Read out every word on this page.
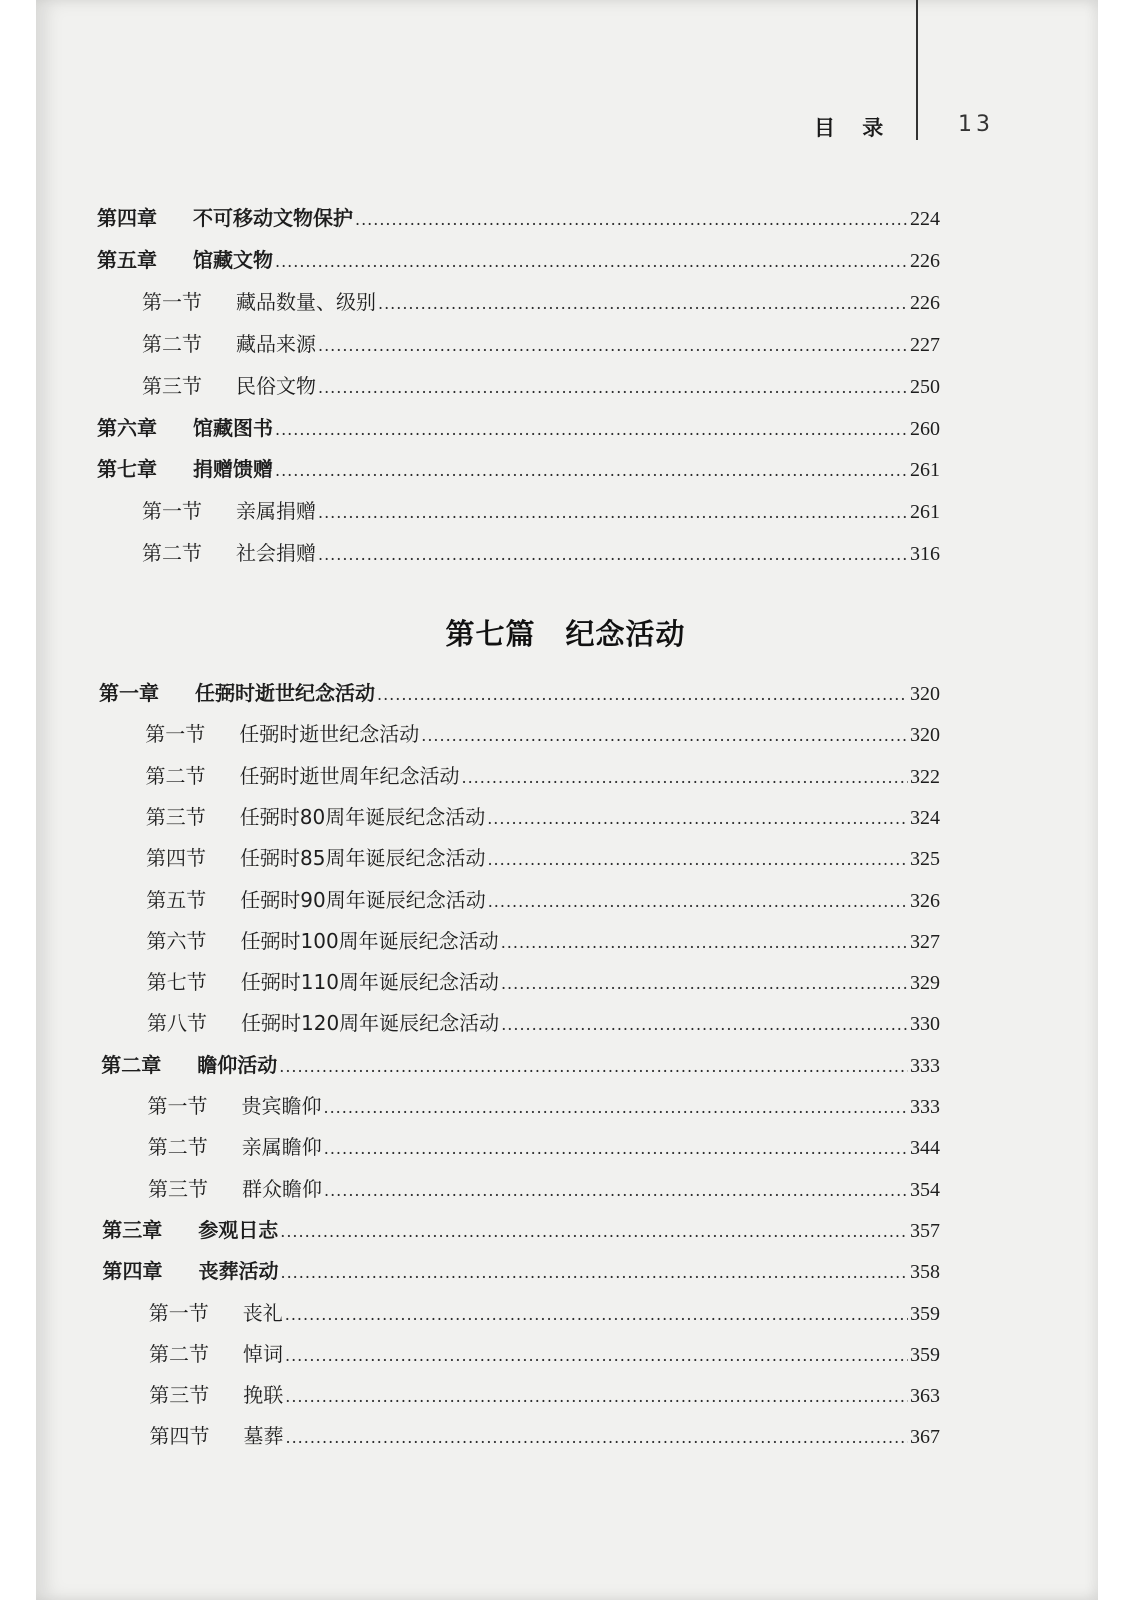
目 录	13
第四章	不可移动文物保护 .....	224
第五章	馆藏文物 .....	226
第一节	藏品数量、级别 .....	226
第二节	藏品来源 .....	227
第三节	民俗文物 .....	250
第六章	馆藏图书 .....	260
第七章	捐赠馈赠 .....	261
第一节	亲属捐赠 .....	261
第二节	社会捐赠 .....	316
第七篇 纪念活动
第一章	任弼时逝世纪念活动 .....	320
第一节	任弼时逝世纪念活动 .....	320
第二节	任弼时逝世周年纪念活动 .....	322
第三节	任弼时80周年诞辰纪念活动 .....	324
第四节	任弼时85周年诞辰纪念活动 .....	325
第五节	任弼时90周年诞辰纪念活动 .....	326
第六节	任弼时100周年诞辰纪念活动 .....	327
第七节	任弼时110周年诞辰纪念活动 .....	329
第八节	任弼时120周年诞辰纪念活动 .....	330
第二章	瞻仰活动 .....	333
第一节	贵宾瞻仰 .....	333
第二节	亲属瞻仰 .....	344
第三节	群众瞻仰 .....	354
第三章	参观日志 .....	357
第四章	丧葬活动 .....	358
第一节	丧礼 .....	359
第二节	悼词 .....	359
第三节	挽联 .....	363
第四节	墓葬 .....	367
